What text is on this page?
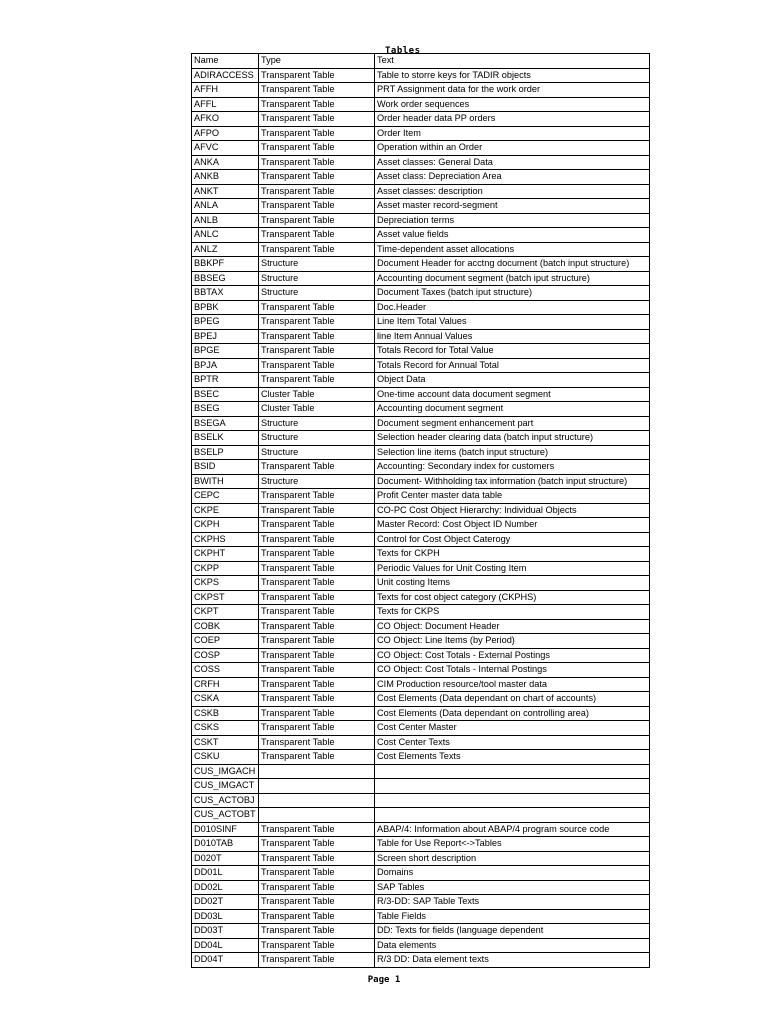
Tables
Name	Type	Text
ADIRACCESS	Transparent Table	Table to storre keys for TADIR objects
AFFH	Transparent Table	PRT Assignment data for the work order
AFFL	Transparent Table	Work order sequences
AFKO	Transparent Table	Order header data PP orders
AFPO	Transparent Table	Order Item
AFVC	Transparent Table	Operation within an Order
ANKA	Transparent Table	Asset classes: General Data
ANKB	Transparent Table	Asset class: Depreciation Area
ANKT	Transparent Table	Asset classes: description
ANLA	Transparent Table	Asset master record-segment
ANLB	Transparent Table	Depreciation terms
ANLC	Transparent Table	Asset value fields
ANLZ	Transparent Table	Time-dependent asset allocations
BBKPF	Structure	Document Header for acctng document (batch input structure)
BBSEG	Structure	Accounting document segment (batch iput structure)
BBTAX	Structure	Document Taxes (batch iput structure)
BPBK	Transparent Table	Doc.Header
BPEG	Transparent Table	Line Item Total Values
BPEJ	Transparent Table	line Item Annual Values
BPGE	Transparent Table	Totals Record for Total Value
BPJA	Transparent Table	Totals Record for Annual Total
BPTR	Transparent Table	Object Data
BSEC	Cluster Table	One-time account data document segment
BSEG	Cluster Table	Accounting document segment
BSEGA	Structure	Document segment enhancement part
BSELK	Structure	Selection header clearing data (batch input structure)
BSELP	Structure	Selection line items (batch input structure)
BSID	Transparent Table	Accounting: Secondary index for customers
BWITH	Structure	Document- Withholding tax information (batch input structure)
CEPC	Transparent Table	Profit Center master data table
CKPE	Transparent Table	CO-PC Cost Object Hierarchy: Individual Objects
CKPH	Transparent Table	Master Record: Cost Object ID Number
CKPHS	Transparent Table	Control for Cost Object Caterogy
CKPHT	Transparent Table	Texts for CKPH
CKPP	Transparent Table	Periodic Values for Unit Costing Item
CKPS	Transparent Table	Unit costing Items
CKPST	Transparent Table	Texts for cost object category (CKPHS)
CKPT	Transparent Table	Texts for CKPS
COBK	Transparent Table	CO Object: Document Header
COEP	Transparent Table	CO Object: Line Items (by Period)
COSP	Transparent Table	CO Object: Cost Totals - External Postings
COSS	Transparent Table	CO Object: Cost Totals - Internal Postings
CRFH	Transparent Table	CIM Production resource/tool master data
CSKA	Transparent Table	Cost Elements (Data dependant on chart of accounts)
CSKB	Transparent Table	Cost Elements (Data dependant on controlling area)
CSKS	Transparent Table	Cost Center Master
CSKT	Transparent Table	Cost Center Texts
CSKU	Transparent Table	Cost Elements Texts
CUS_IMGACH		
CUS_IMGACT		
CUS_ACTOBJ		
CUS_ACTOBT		
D010SINF	Transparent Table	ABAP/4: Information about ABAP/4 program source code
D010TAB	Transparent Table	Table for Use Report<->Tables
D020T	Transparent Table	Screen short description
DD01L	Transparent Table	Domains
DD02L	Transparent Table	SAP Tables
DD02T	Transparent Table	R/3-DD: SAP Table Texts
DD03L	Transparent Table	Table Fields
DD03T	Transparent Table	DD: Texts for fields (language dependent
DD04L	Transparent Table	Data elements
DD04T	Transparent Table	R/3 DD: Data element texts
Page 1
